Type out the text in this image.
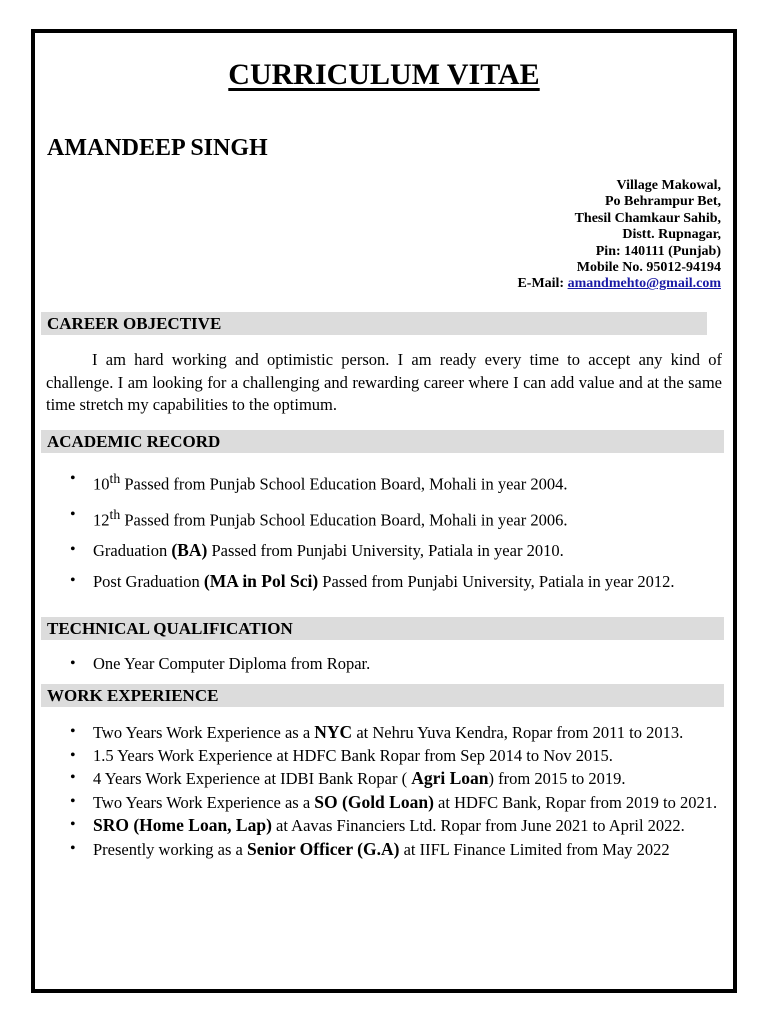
CURRICULUM VITAE
AMANDEEP SINGH
Village Makowal,
Po Behrampur Bet,
Thesil Chamkaur Sahib,
Distt. Rupnagar,
Pin: 140111 (Punjab)
Mobile No. 95012-94194
E-Mail: amandmehto@gmail.com
CAREER OBJECTIVE

I am hard working and optimistic person. I am ready every time to accept any kind of challenge. I am looking for a challenging and rewarding career where I can add value and at the same time stretch my capabilities to the optimum.

ACADEMIC RECORD
• 10th Passed from Punjab School Education Board, Mohali in year 2004.
• 12th Passed from Punjab School Education Board, Mohali in year 2006.
• Graduation (BA) Passed from Punjabi University, Patiala in year 2010.
• Post Graduation (MA in Pol Sci) Passed from Punjabi University, Patiala in year 2012.
TECHNICAL QUALIFICATION
• One Year Computer Diploma from Ropar.
WORK EXPERIENCE
• Two Years Work Experience as a NYC at Nehru Yuva Kendra, Ropar from 2011 to 2013.
• 1.5 Years Work Experience at HDFC Bank Ropar from Sep 2014 to Nov 2015.
• 4 Years Work Experience at IDBI Bank Ropar ( Agri Loan) from 2015 to 2019.
• Two Years Work Experience as a SO (Gold Loan) at HDFC Bank, Ropar from 2019 to 2021.
• SRO (Home Loan, Lap) at Aavas Financiers Ltd. Ropar from June 2021 to April 2022.
• Presently working as a Senior Officer (G.A) at IIFL Finance Limited from May 2022
